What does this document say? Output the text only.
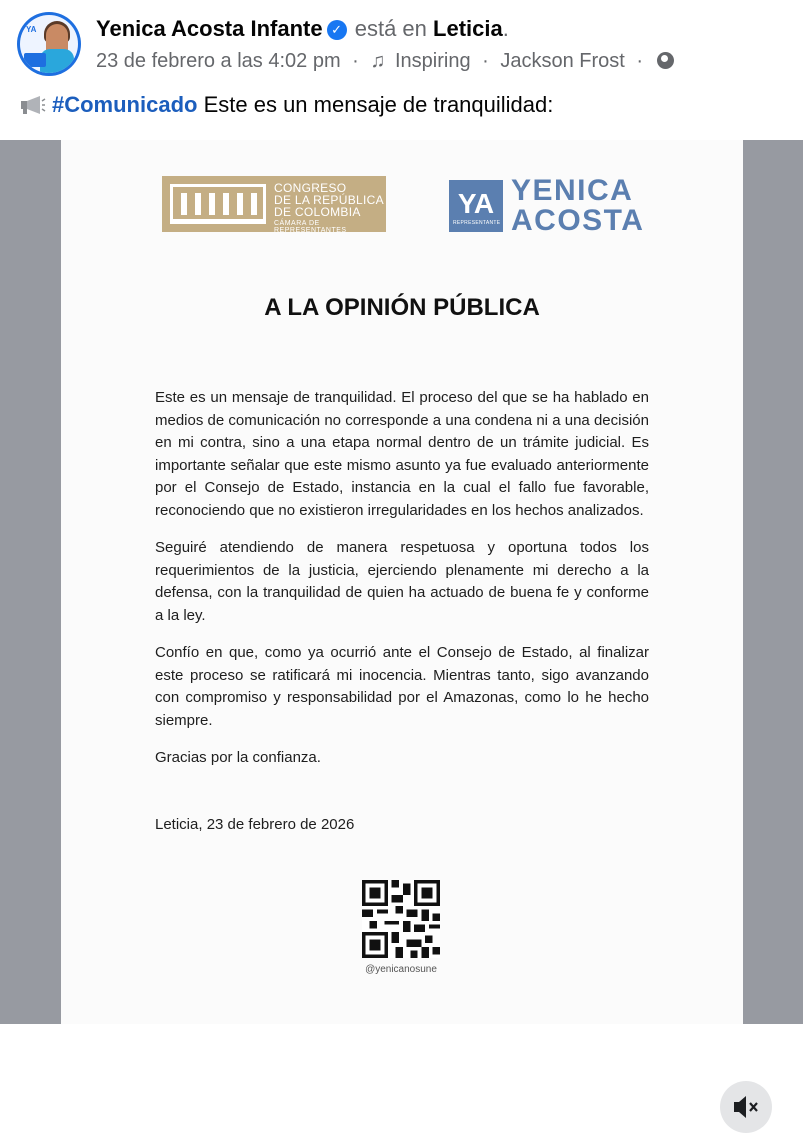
YA	Yenica Acosta Infante ✓ está en Leticia.
23 de febrero a las 4:02 pm · ♫ Inspiring · Jackson Frost ·
#Comunicado Este es un mensaje de tranquilidad:
CONGRESO
DE LA REPÚBLICA
DE COLOMBIA
CÁMARA DE REPRESENTANTES
YA
REPRESENTANTE
YENICA
ACOSTA
A LA OPINIÓN PÚBLICA

Este es un mensaje de tranquilidad. El proceso del que se ha hablado en medios de comunicación no corresponde a una condena ni a una decisión en mi contra, sino a una etapa normal dentro de un trámite judicial. Es importante señalar que este mismo asunto ya fue evaluado anteriormente por el Consejo de Estado, instancia en la cual el fallo fue favorable, reconociendo que no existieron irregularidades en los hechos analizados.

Seguiré atendiendo de manera respetuosa y oportuna todos los requerimientos de la justicia, ejerciendo plenamente mi derecho a la defensa, con la tranquilidad de quien ha actuado de buena fe y conforme a la ley.

Confío en que, como ya ocurrió ante el Consejo de Estado, al finalizar este proceso se ratificará mi inocencia. Mientras tanto, sigo avanzando con compromiso y responsabilidad por el Amazonas, como lo he hecho siempre.

Gracias por la confianza.

Leticia, 23 de febrero de 2026
@yenicanosune
